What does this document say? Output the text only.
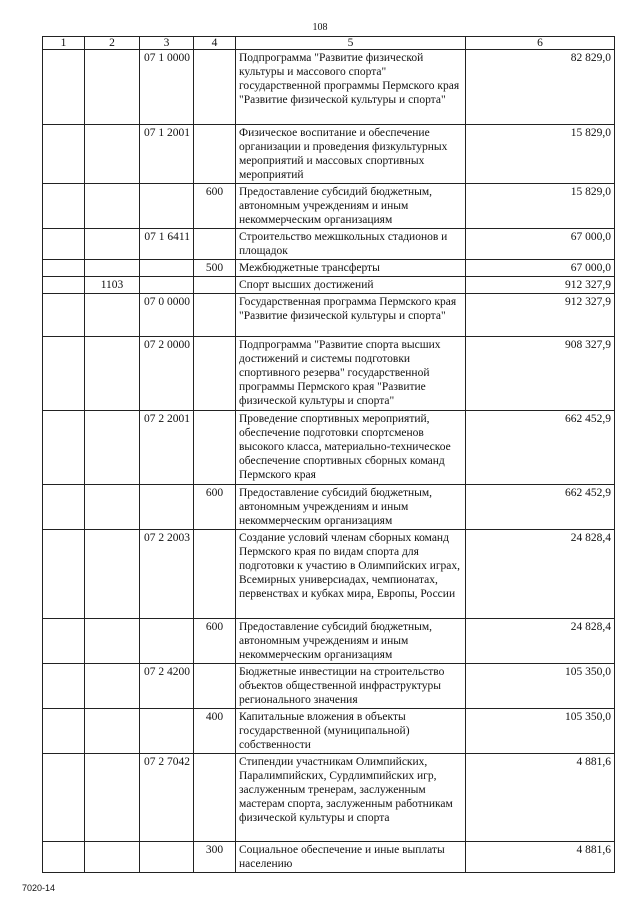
108
1	2	3	4	5	6
		07 1 0000		Подпрограмма "Развитие физической культуры и массового спорта" государственной программы Пермского края "Развитие физической культуры и спорта"	82 829,0
		07 1 2001		Физическое воспитание и обеспечение организации и проведения физкультурных мероприятий и массовых спортивных мероприятий	15 829,0
			600	Предоставление субсидий бюджетным, автономным учреждениям и иным некоммерческим организациям	15 829,0
		07 1 6411		Строительство межшкольных стадионов и площадок	67 000,0
			500	Межбюджетные трансферты	67 000,0
	1103			Спорт высших достижений	912 327,9
		07 0 0000		Государственная программа Пермского края "Развитие физической культуры и спорта"	912 327,9
		07 2 0000		Подпрограмма "Развитие спорта высших достижений и системы подготовки спортивного резерва" государственной программы Пермского края "Развитие физической культуры и спорта"	908 327,9
		07 2 2001		Проведение спортивных мероприятий, обеспечение подготовки спортсменов высокого класса, материально-техническое обеспечение спортивных сборных команд Пермского края	662 452,9
			600	Предоставление субсидий бюджетным, автономным учреждениям и иным некоммерческим организациям	662 452,9
		07 2 2003		Создание условий членам сборных команд Пермского края по видам спорта для подготовки к участию в Олимпийских играх, Всемирных универсиадах, чемпионатах, первенствах и кубках мира, Европы, России	24 828,4
			600	Предоставление субсидий бюджетным, автономным учреждениям и иным некоммерческим организациям	24 828,4
		07 2 4200		Бюджетные инвестиции на строительство объектов общественной инфраструктуры регионального значения	105 350,0
			400	Капитальные вложения в объекты государственной (муниципальной) собственности	105 350,0
		07 2 7042		Стипендии участникам Олимпийских, Паралимпийских, Сурдлимпийских игр, заслуженным тренерам, заслуженным мастерам спорта, заслуженным работникам физической культуры и спорта	4 881,6
			300	Социальное обеспечение и иные выплаты населению	4 881,6
7020-14
